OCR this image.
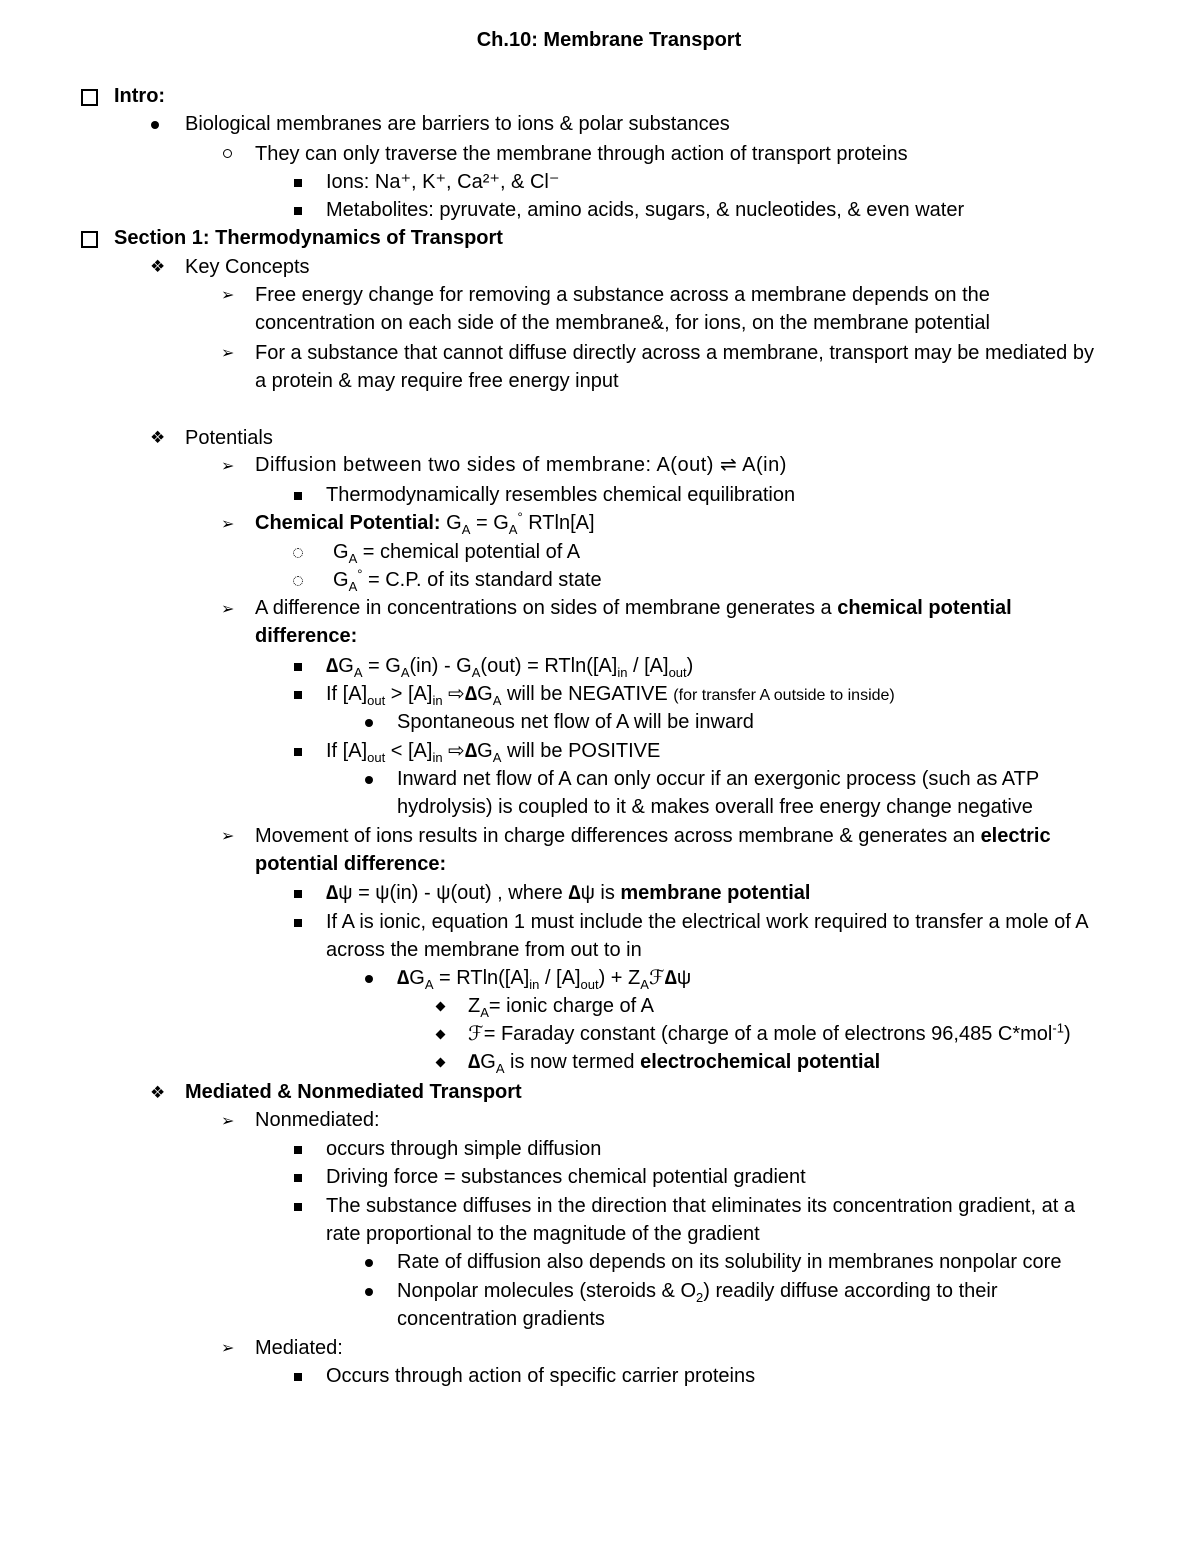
Ch.10: Membrane Transport
Intro:
Biological membranes are barriers to ions & polar substances
They can only traverse the membrane through action of transport proteins
Ions: Na⁺, K⁺, Ca²⁺, & Cl⁻
Metabolites: pyruvate, amino acids, sugars, & nucleotides, & even water
Section 1: Thermodynamics of Transport
❖ Key Concepts
➢ Free energy change for removing a substance across a membrane depends on the
concentration on each side of the membrane&, for ions, on the membrane potential
➢ For a substance that cannot diffuse directly across a membrane, transport may be mediated by
a protein & may require free energy input
❖ Potentials
➢ Diffusion between two sides of membrane: A(out) ⇌ A(in)
Thermodynamically resembles chemical equilibration
➢ Chemical Potential: $G_A = G_A^\circ$ RTln[A]
$G_A$ = chemical potential of A
$G_A^\circ = C.P$. of its standard state
➢ A difference in concentrations on sides of membrane generates a chemical potential
difference:
$\Delta G_A = G_A(in) - G_A(out) = RTln([A]_{in} / [A]_{out})$
If $[A]_{out} > [A]_{in}$ $⇨\Delta G_A$ will be NEGATIVE (for transfer A outside to inside)
Spontaneous net flow of A will be inward
If $[A]_{out} < [A]_{in}$ $⇨\Delta G_A$ will be POSITIVE
Inward net flow of A can only occur if an exergonic process (such as ATP
hydrolysis) is coupled to it & makes overall free energy change negative
➢ Movement of ions results in charge differences across membrane & generates an electric
potential difference:
∆ψ = ψ(in) - ψ(out) , where ∆ψ is membrane potential
If A is ionic, equation 1 must include the electrical work required to transfer a mole of A
across the membrane from out to in
$\Delta G_A = RTln([A]_{in} / [A]_{out})$ + $Z_Aℱ\Delta\psi$
$Z_A=$ ionic charge of A
ℱ= Faraday constant (charge of a mole of electrons 96,485 C*mol$^{-1}$)
$\Delta G_A$ is now termed electrochemical potential
❖ Mediated & Nonmediated Transport
➢ Nonmediated:
occurs through simple diffusion
Driving force = substances chemical potential gradient
The substance diffuses in the direction that eliminates its concentration gradient, at a
rate proportional to the magnitude of the gradient
Rate of diffusion also depends on its solubility in membranes nonpolar core
Nonpolar molecules (steroids & $O_2$) readily diffuse according to their
concentration gradients
➢ Mediated:
Occurs through action of specific carrier proteins
